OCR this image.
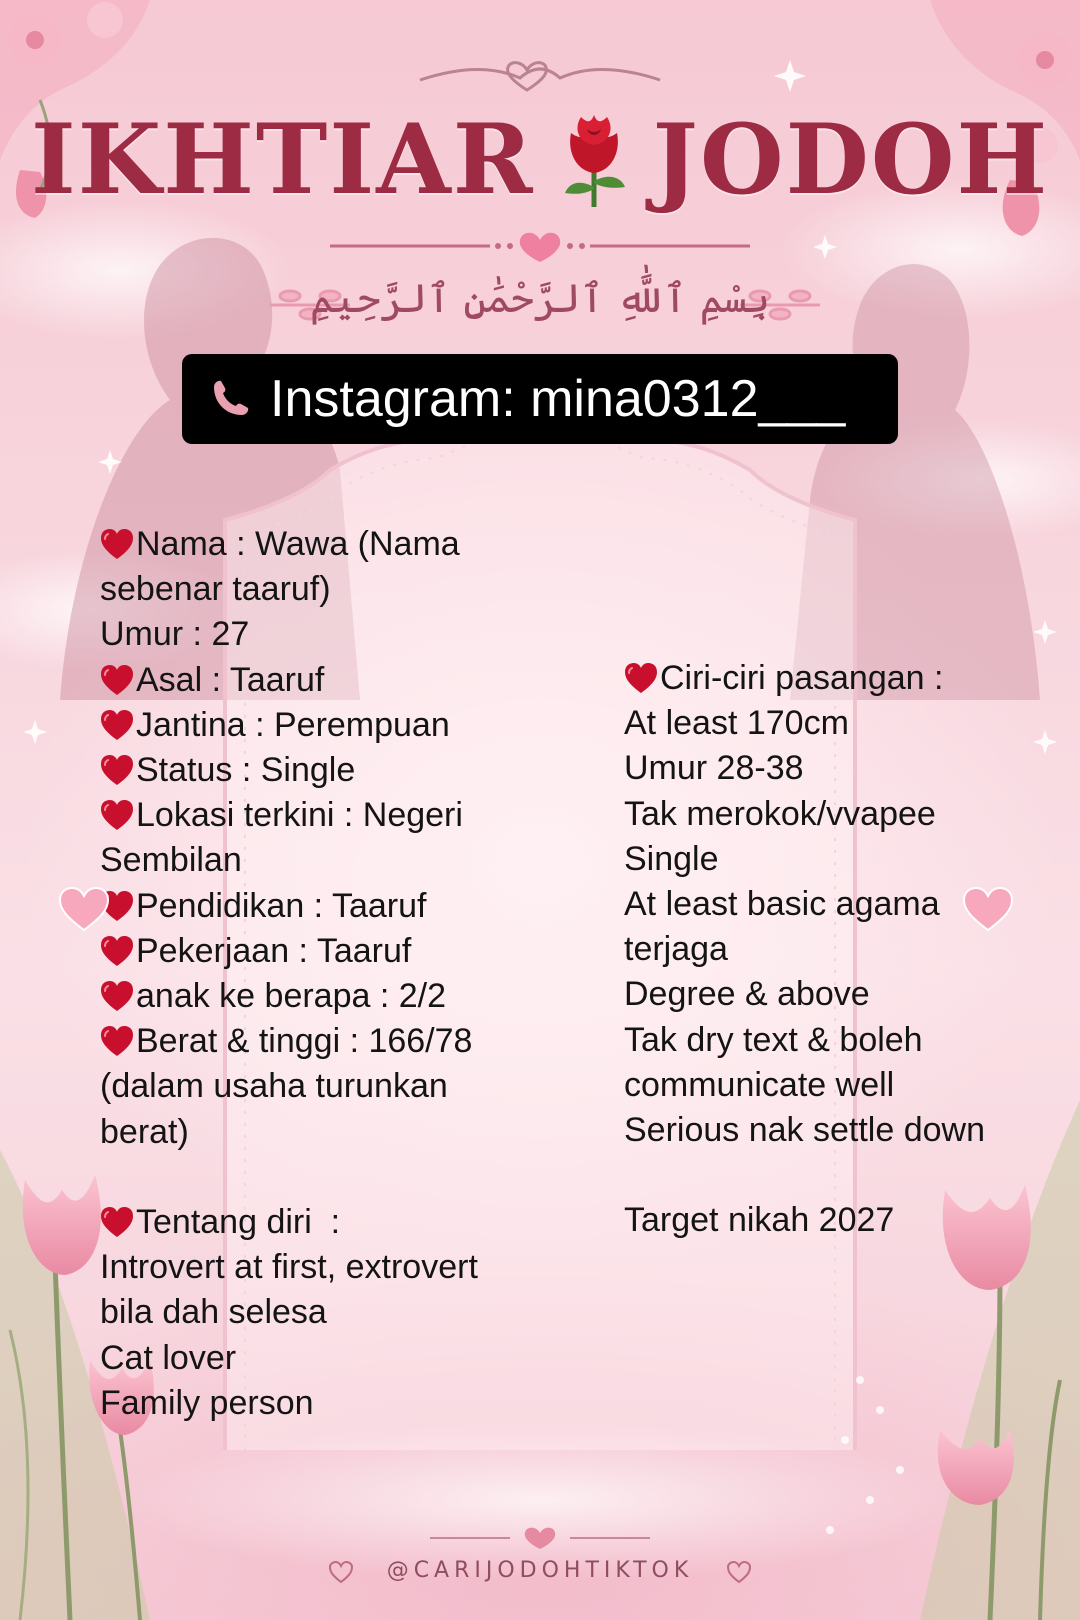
IKHTIAR JODOH
بِسْمِ ٱللَّٰهِ ٱلرَّحْمَٰنِ ٱلرَّحِيمِ
Instagram: mina0312___
Nama : Wawa (Nama
sebenar taaruf)
Umur : 27
Asal : Taaruf
Jantina : Perempuan
Status : Single
Lokasi terkini : Negeri
Sembilan
Pendidikan : Taaruf
Pekerjaan : Taaruf
anak ke berapa : 2/2
Berat & tinggi : 166/78
(dalam usaha turunkan
berat)
Tentang diri  :
Introvert at first, extrovert
bila dah selesa
Cat lover
Family person
Ciri-ciri pasangan :
At least 170cm
Umur 28-38
Tak merokok/vvapee
Single
At least basic agama
terjaga
Degree & above
Tak dry text & boleh
communicate well
Serious nak settle down
Target nikah 2027
@CARIJODOHTIKTOK
